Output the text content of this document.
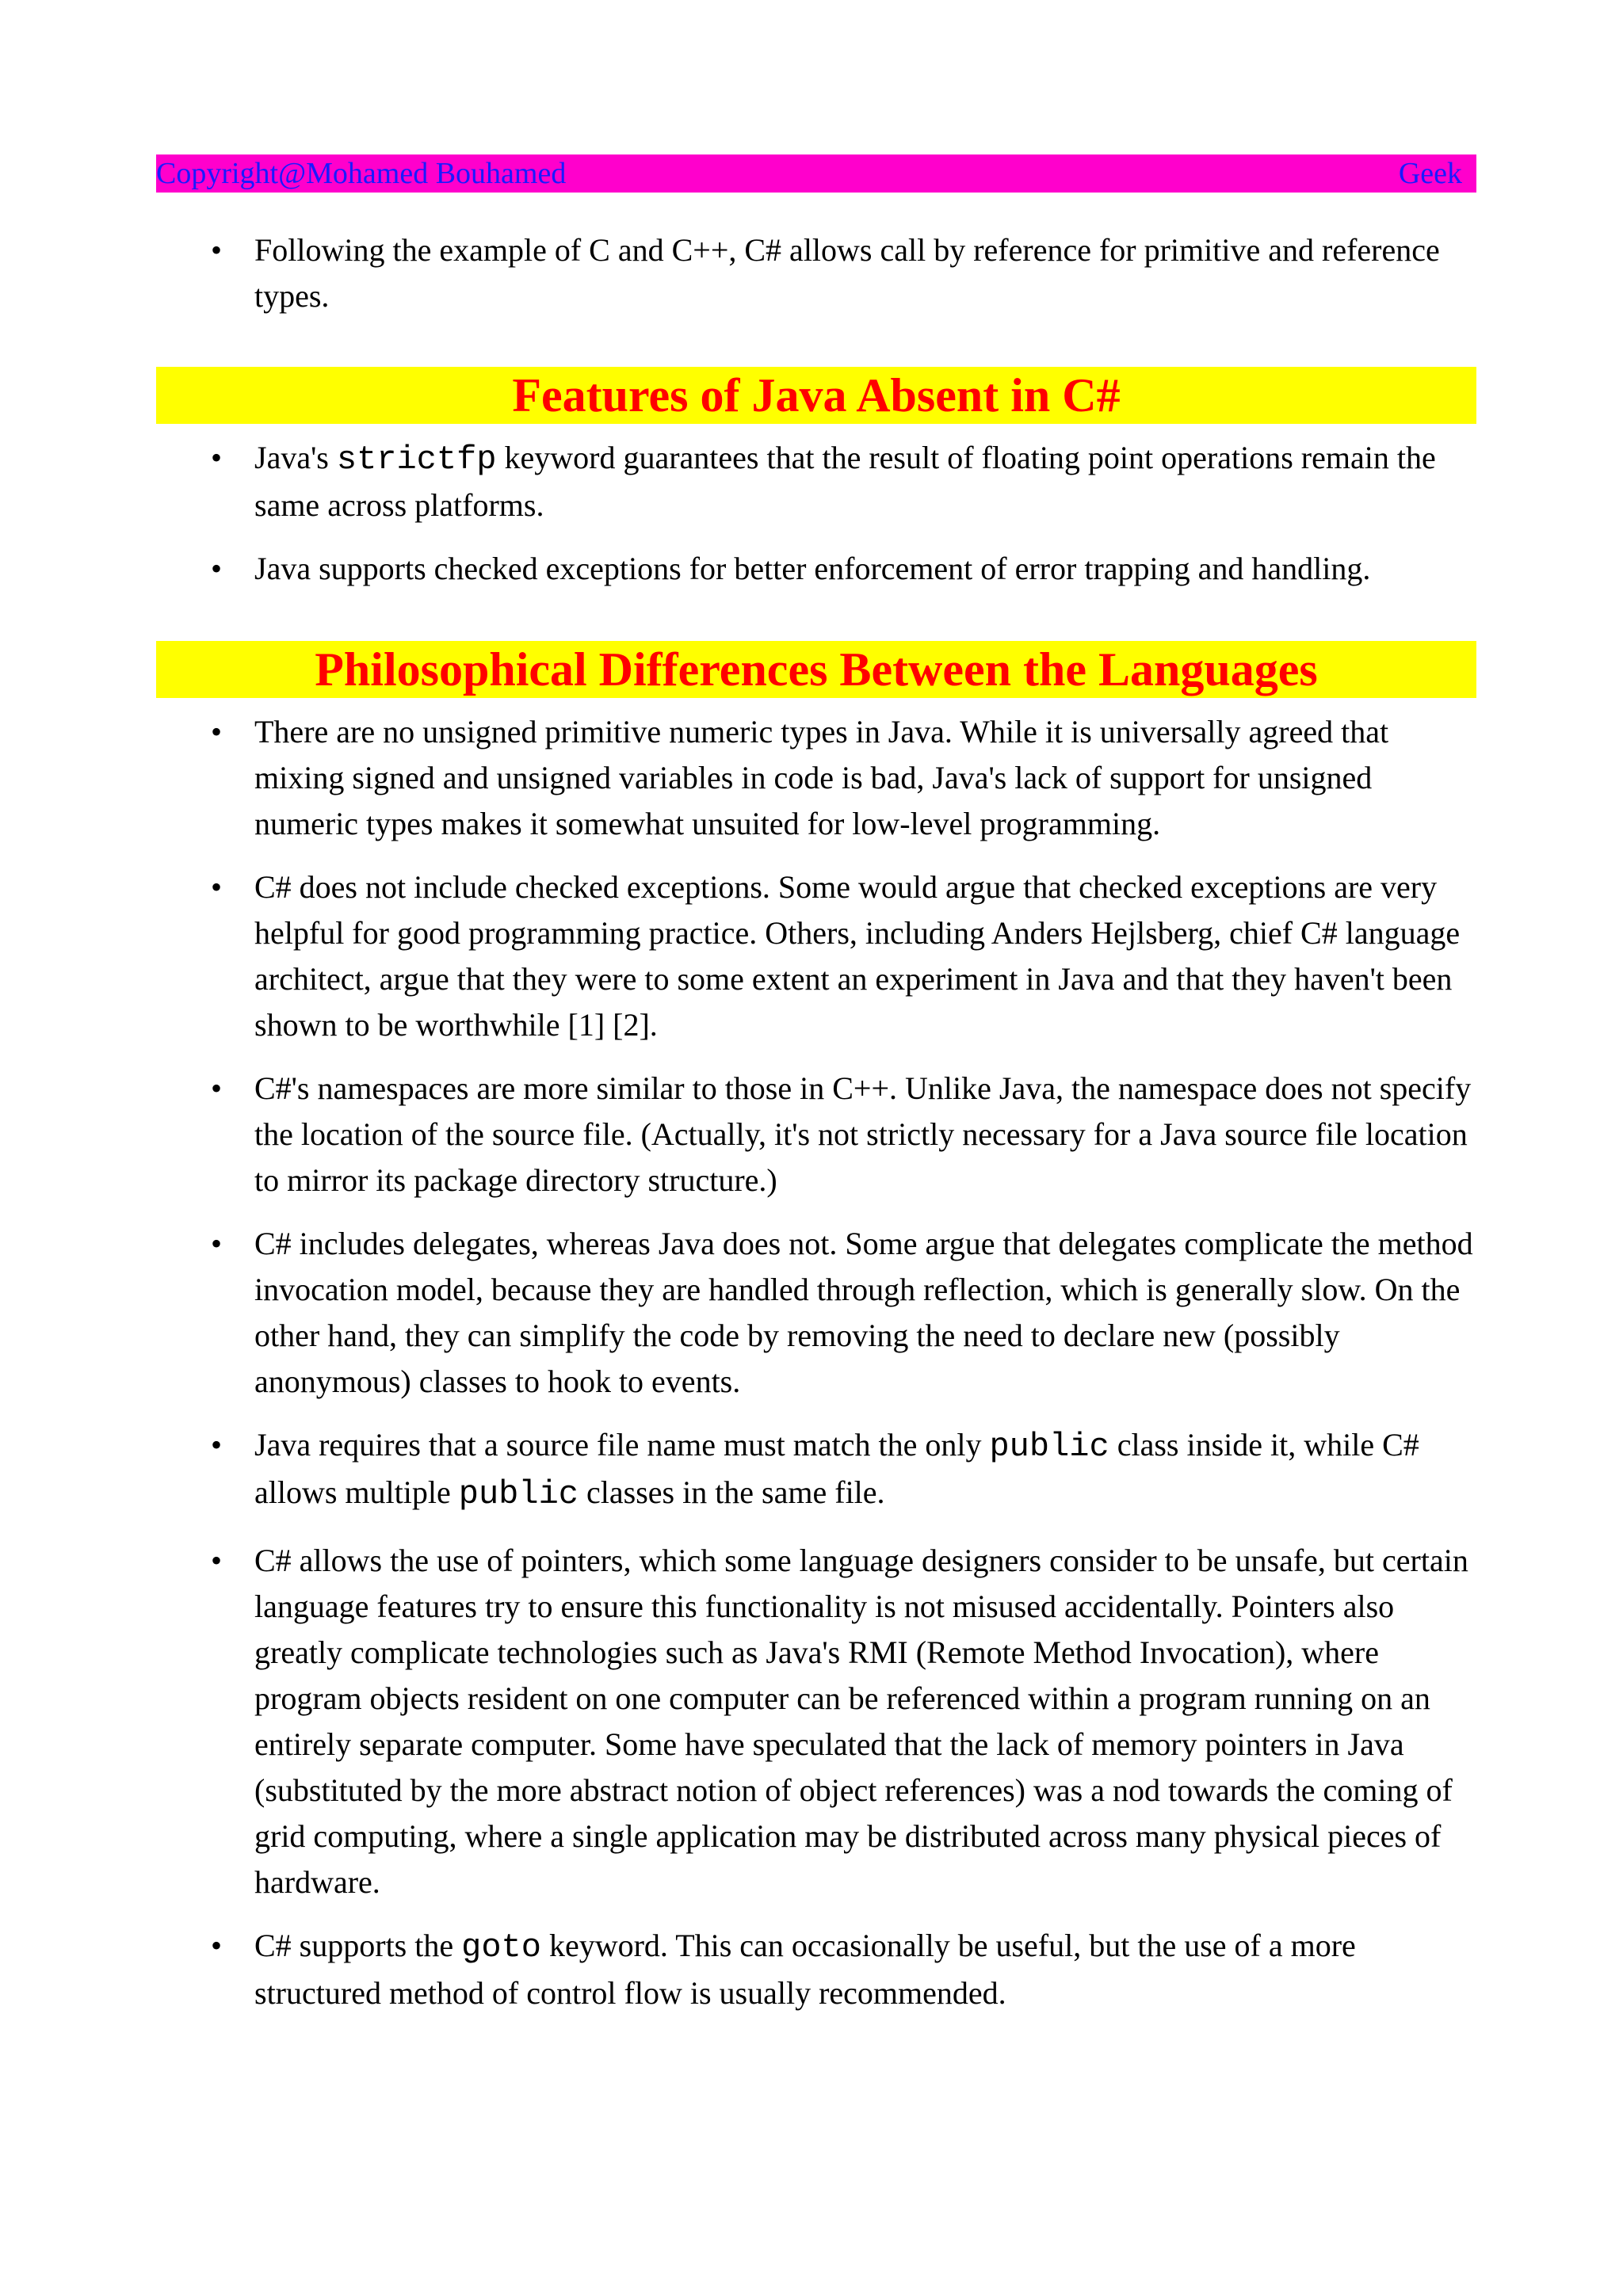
Copyright@Mohamed Bouhamed	Geek
• Following the example of C and C++, C# allows call by reference for primitive and reference types.
Features of Java Absent in C#
• Java's strictfp keyword guarantees that the result of floating point operations remain the same across platforms.
• Java supports checked exceptions for better enforcement of error trapping and handling.
Philosophical Differences Between the Languages
• There are no unsigned primitive numeric types in Java. While it is universally agreed that mixing signed and unsigned variables in code is bad, Java's lack of support for unsigned numeric types makes it somewhat unsuited for low-level programming.
• C# does not include checked exceptions. Some would argue that checked exceptions are very helpful for good programming practice. Others, including Anders Hejlsberg, chief C# language architect, argue that they were to some extent an experiment in Java and that they haven't been shown to be worthwhile [1] [2].
• C#'s namespaces are more similar to those in C++. Unlike Java, the namespace does not specify the location of the source file. (Actually, it's not strictly necessary for a Java source file location to mirror its package directory structure.)
• C# includes delegates, whereas Java does not. Some argue that delegates complicate the method invocation model, because they are handled through reflection, which is generally slow. On the other hand, they can simplify the code by removing the need to declare new (possibly anonymous) classes to hook to events.
• Java requires that a source file name must match the only public class inside it, while C# allows multiple public classes in the same file.
• C# allows the use of pointers, which some language designers consider to be unsafe, but certain language features try to ensure this functionality is not misused accidentally. Pointers also greatly complicate technologies such as Java's RMI (Remote Method Invocation), where program objects resident on one computer can be referenced within a program running on an entirely separate computer. Some have speculated that the lack of memory pointers in Java (substituted by the more abstract notion of object references) was a nod towards the coming of grid computing, where a single application may be distributed across many physical pieces of hardware.
• C# supports the goto keyword. This can occasionally be useful, but the use of a more structured method of control flow is usually recommended.
